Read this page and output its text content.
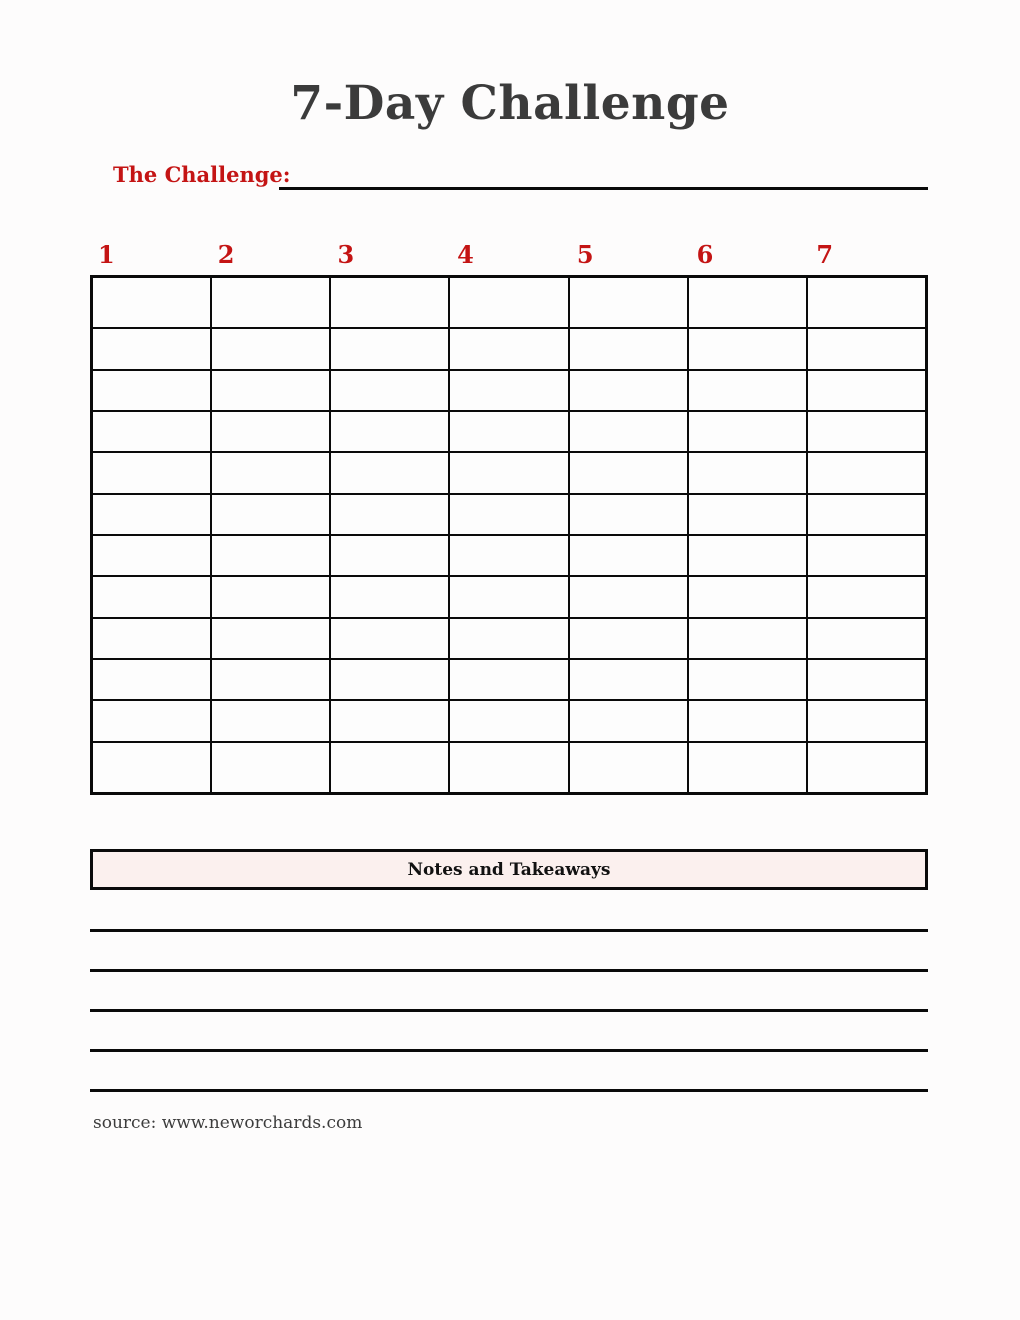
7-Day Challenge
The Challenge:
1	2	3	4	5	6	7

Notes and Takeaways
source: www.neworchards.com
